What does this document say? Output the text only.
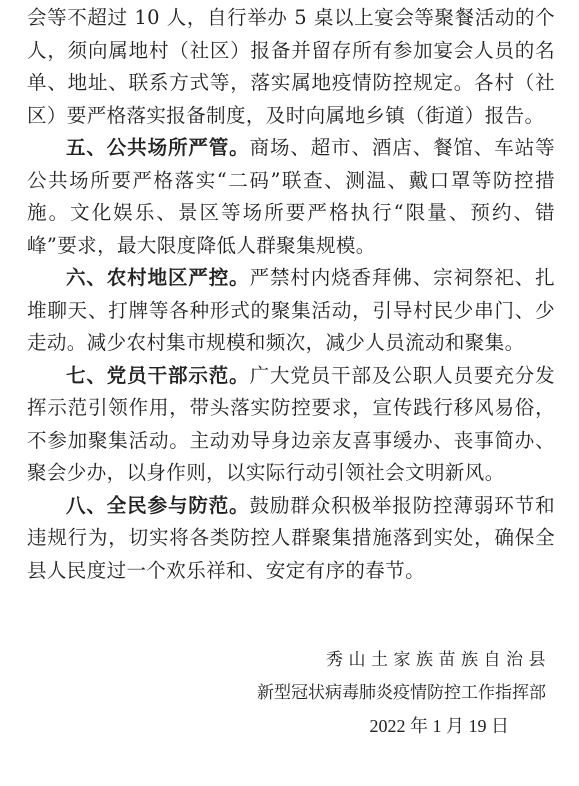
会等不超过 10 人，自行举办 5 桌以上宴会等聚餐活动的个人，须向属地村（社区）报备并留存所有参加宴会人员的名单、地址、联系方式等，落实属地疫情防控规定。各村（社区）要严格落实报备制度，及时向属地乡镇（街道）报告。

五、公共场所严管。商场、超市、酒店、餐馆、车站等公共场所要严格落实“二码”联查、测温、戴口罩等防控措施。文化娱乐、景区等场所要严格执行“限量、预约、错峰”要求，最大限度降低人群聚集规模。

六、农村地区严控。严禁村内烧香拜佛、宗祠祭祀、扎堆聊天、打牌等各种形式的聚集活动，引导村民少串门、少走动。减少农村集市规模和频次，减少人员流动和聚集。

七、党员干部示范。广大党员干部及公职人员要充分发挥示范引领作用，带头落实防控要求，宣传践行移风易俗，不参加聚集活动。主动劝导身边亲友喜事缓办、丧事简办、聚会少办，以身作则，以实际行动引领社会文明新风。

八、全民参与防范。鼓励群众积极举报防控薄弱环节和违规行为，切实将各类防控人群聚集措施落到实处，确保全县人民度过一个欢乐祥和、安定有序的春节。

秀山土家族苗族自治县
新型冠状病毒肺炎疫情防控工作指挥部
2022 年 1 月 19 日
